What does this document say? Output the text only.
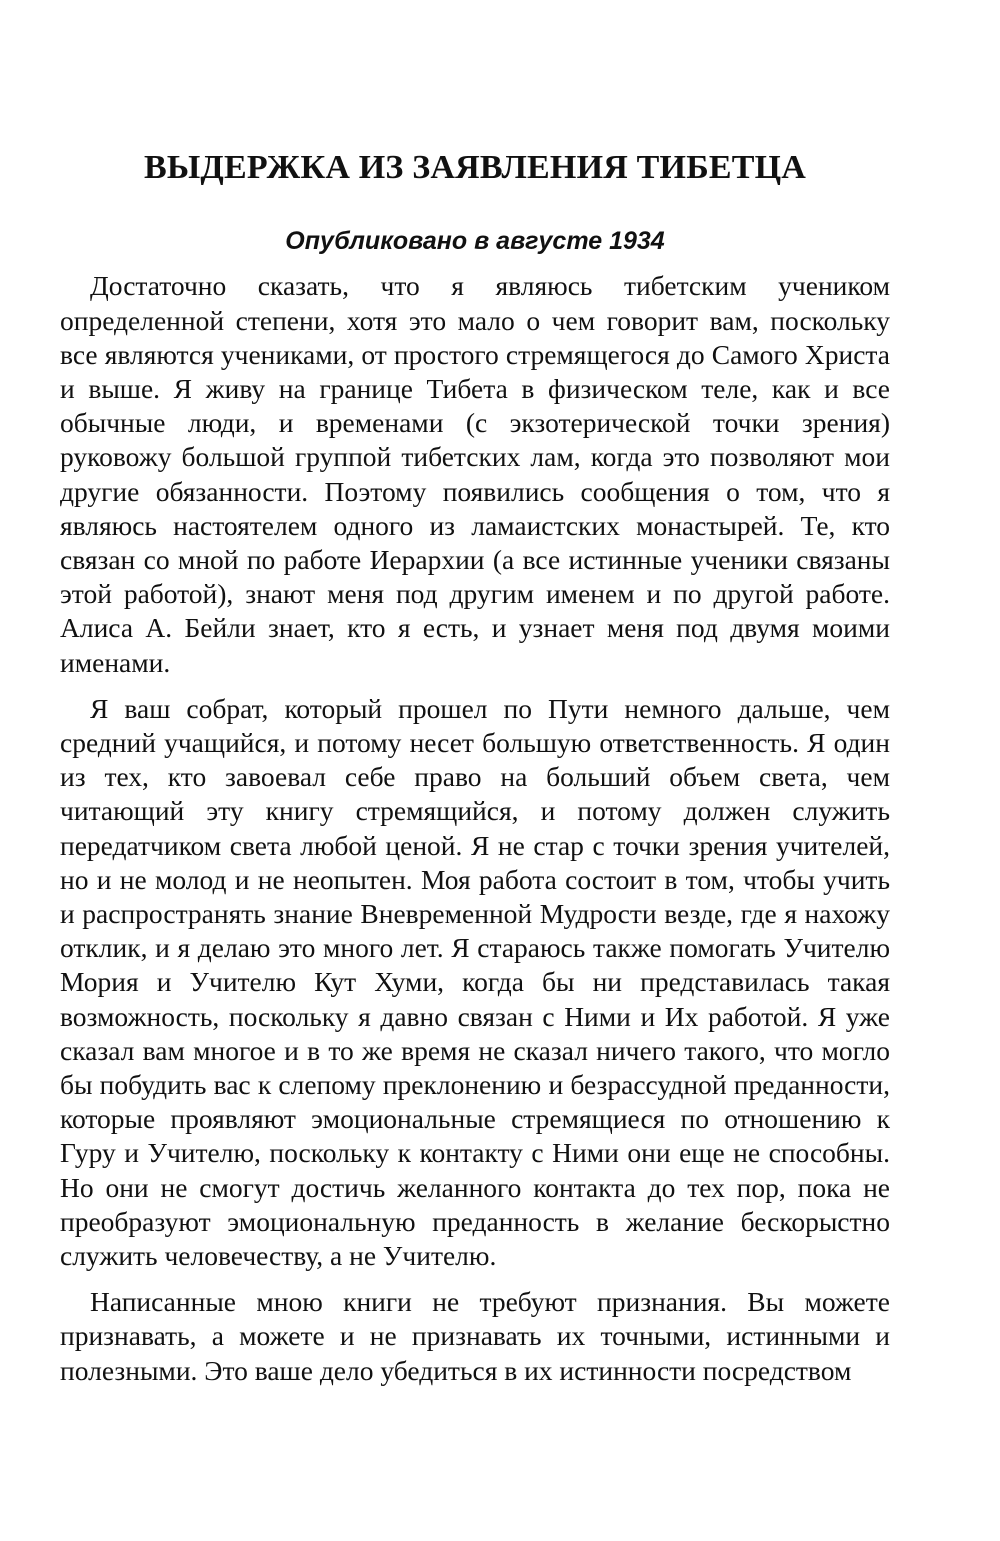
ВЫДЕРЖКА ИЗ ЗАЯВЛЕНИЯ ТИБЕТЦА
Опубликовано в августе 1934

Достаточно сказать, что я являюсь тибетским учеником определенной степени, хотя это мало о чем говорит вам, поскольку все являются учениками, от простого стремящегося до Самого Христа и выше. Я живу на границе Тибета в физическом теле, как и все обычные люди, и временами (с экзотерической точки зрения) руковожу большой группой тибетских лам, когда это позволяют мои другие обязанности. Поэтому появились сообщения о том, что я являюсь настоятелем одного из ламаистских монастырей. Те, кто связан со мной по работе Иерархии (а все истинные ученики связаны этой работой), знают меня под другим именем и по другой работе. Алиса А. Бейли знает, кто я есть, и узнает меня под двумя моими именами.

Я ваш собрат, который прошел по Пути немного дальше, чем средний учащийся, и потому несет большую ответственность. Я один из тех, кто завоевал себе право на больший объем света, чем читающий эту книгу стремящийся, и потому должен служить передатчиком света любой ценой. Я не стар с точки зрения учителей, но и не молод и не неопытен. Моя работа состоит в том, чтобы учить и распространять знание Вневременной Мудрости везде, где я нахожу отклик, и я делаю это много лет. Я стараюсь также помогать Учителю Мория и Учителю Кут Хуми, когда бы ни представилась такая возможность, поскольку я давно связан с Ними и Их работой. Я уже сказал вам многое и в то же время не сказал ничего такого, что могло бы побудить вас к слепому преклонению и безрассудной преданности, которые проявляют эмоциональные стремящиеся по отношению к Гуру и Учителю, поскольку к контакту с Ними они еще не способны. Но они не смогут достичь желанного контакта до тех пор, пока не преобразуют эмоциональную преданность в желание бескорыстно служить человечеству, а не Учителю.

Написанные мною книги не требуют признания. Вы можете признавать, а можете и не признавать их точными, истинными и полезными. Это ваше дело убедиться в их истинности посредством
